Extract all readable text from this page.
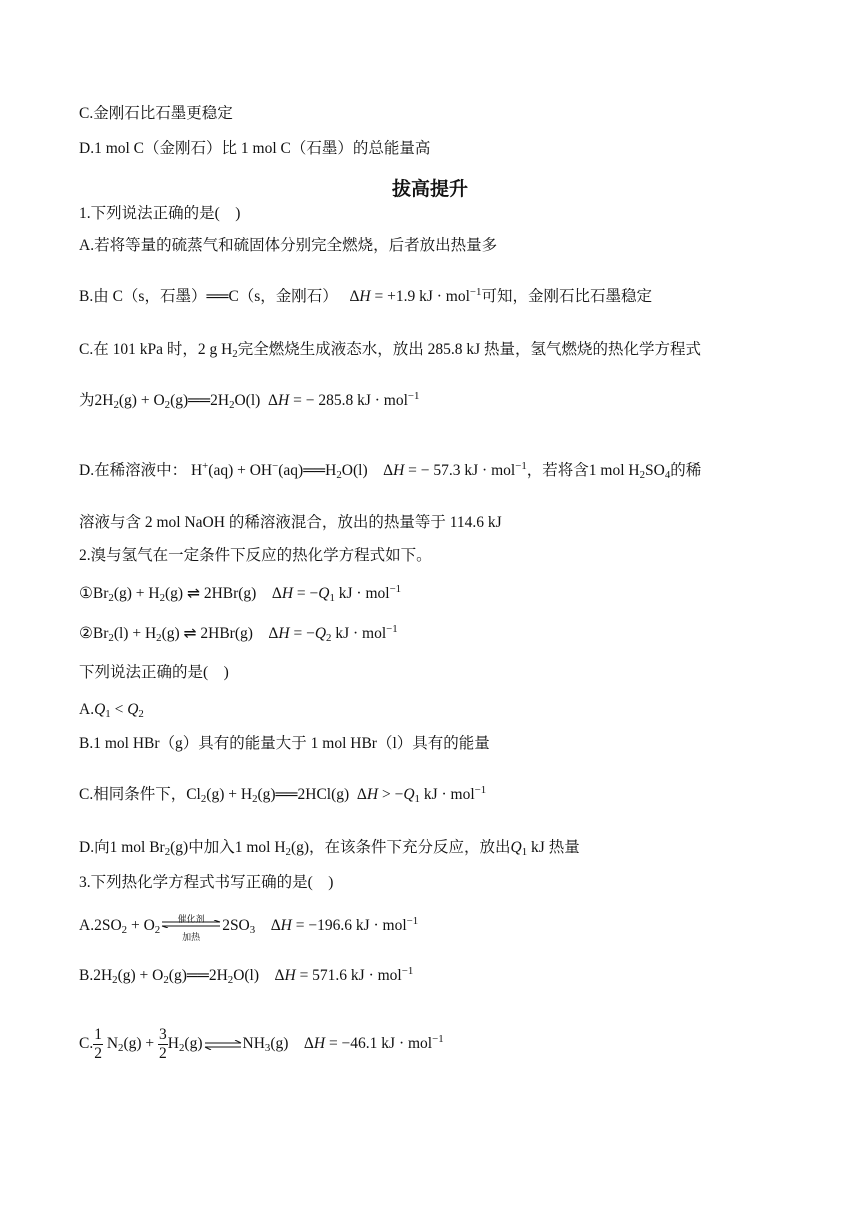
C.金刚石比石墨更稳定
D.1 mol C（金刚石）比 1 mol C（石墨）的总能量高
拔高提升
1.下列说法正确的是(　)
A.若将等量的硫蒸气和硫固体分别完全燃烧，后者放出热量多
B.由 C（s，石墨）══C（s，金刚石） ΔH = +1.9 kJ · mol$^{-1}$可知，金刚石比石墨稳定
C.在 101 kPa 时，2 g $H_2$完全燃烧生成液态水，放出 285.8 kJ 热量，氢气燃烧的热化学方程式
为$2H_2(g)$ + $O_2(g)══2H_2O(l) \Delta H$ = − 285.8 kJ · mol$^{-1}$
D.在稀溶液中： $H^+(aq) + OH^-(aq)══H_2O(l)$    ΔH = − 57.3 kJ · mol$^{-1}$，若将含1 mol $H_2SO_4$的稀
溶液与含 2 mol NaOH 的稀溶液混合，放出的热量等于 114.6 kJ
2.溴与氢气在一定条件下反应的热化学方程式如下。
$①Br_2(g) + H_2(g)$ ⇌ 2HBr(g)    $\Delta H = -Q_1$ kJ · mol$^{-1}$
$②Br_2(l) + H_2(g)$ ⇌ 2HBr(g)    $\Delta H = -Q_2$ kJ · mol$^{-1}$
下列说法正确的是(　)
$A.Q_1 < Q_2$
B.1 mol HBr（g）具有的能量大于 1 mol HBr（l）具有的能量
C.相同条件下，$Cl_2(g)$ + $H_2(g)══2HCl(g) \Delta H > -Q_1$ kJ · mol$^{-1}$
D.向1 mol $Br_2(g)$中加入1 mol $H_2(g)$，在该条件下充分反应，放出$Q_1$ kJ 热量
3.下列热化学方程式书写正确的是(　)
$A.2SO_2 + O_2$
催化剂
加热
$2SO_3$    ΔH = −196.6 kJ · mol$^{-1}$
$B.2H_2(g)$ + $O_2(g)══2H_2O(l)$    ΔH = 571.6 kJ · mol$^{-1}$
C. $\frac{1}{2} N_2(g) + \frac{3}{2}$ $H_2(g)\rightleftharpoons NH_3(g)$    ΔH = −46.1 kJ · mol$^{-1}$
